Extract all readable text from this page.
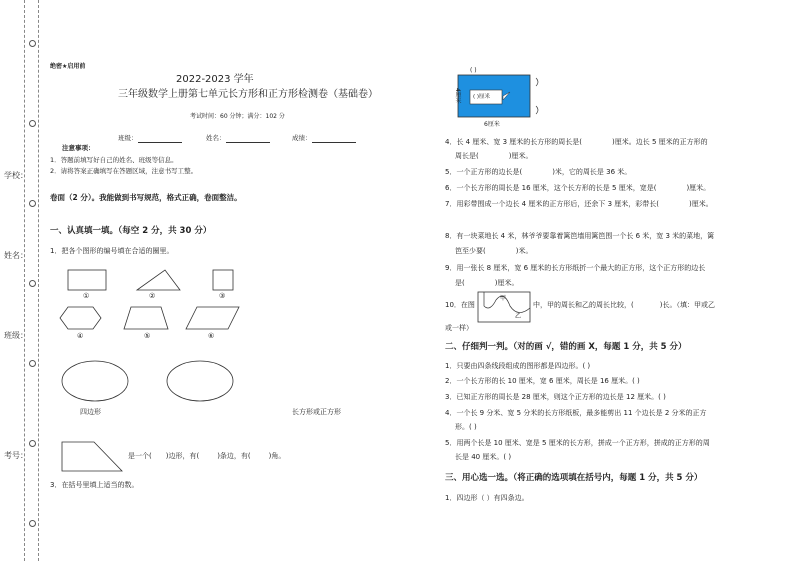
学校：
姓名：
班级：
考号：
绝密★启用前
2022-2023 学年
三年级数学上册第七单元长方形和正方形检测卷（基础卷）
考试时间：60 分钟；满分：102 分
班级：	姓名：	成绩：
注意事项：
1．答题前填写好自己的姓名、班级等信息。
2．请将答案正确填写在答题区域，注意书写工整。
卷面（2 分）。我能做到书写规范，格式正确，卷面整洁。
一、认真填一填。（每空 2 分，共 30 分）
1．把各个图形的编号填在合适的圈里。
①	②	③
④	⑤	⑥
四边形	长方形或正方形
是一个( )边形，有(	)条边，有(	)角。
3．在括号里填上适当的数。
( )
4厘米 ( )厘米
6厘米
4．长 4 厘米、宽 3 厘米的长方形的周长是(	)厘米。边长 5 厘米的正方形的
周长是(	)厘米。
5．一个正方形的边长是(	)米，它的周长是 36 米。
6．一个长方形的周长是 16 厘米，这个长方形的长是 5 厘米，宽是(	)厘米。
7．用彩带围成一个边长 4 厘米的正方形后，还余下 3 厘米，彩带长(	)厘米。
8．有一块菜地长 4 米，林爷爷要靠着篱笆墙用篱笆围一个长 6 米，宽 3 米的菜地，篱
笆至少要(	)米。
9．用一张长 8 厘米，宽 6 厘米的长方形纸折一个最大的正方形，这个正方形的边长
是(	)厘米。
10．在图
甲
乙
中，甲的周长和乙的周长比较，(	)长。（填：甲或乙
或一样）
二、仔细判一判。（对的画 √，错的画 X，每题 1 分，共 5 分）
1．只要由四条线段组成的图形都是四边形。( )
2．一个长方形的长 10 厘米，宽 6 厘米，周长是 16 厘米。( )
3．已知正方形的周长是 28 厘米，则这个正方形的边长是 12 厘米。( )
4．一个长 9 分米、宽 5 分米的长方形纸板，最多能剪出 11 个边长是 2 分米的正方
形。( )
5．用两个长是 10 厘米、宽是 5 厘米的长方形，拼成一个正方形，拼成的正方形的周
长是 40 厘米。( )
三、用心选一选。（将正确的选项填在括号内，每题 1 分，共 5 分）
1．四边形（ ）有四条边。
